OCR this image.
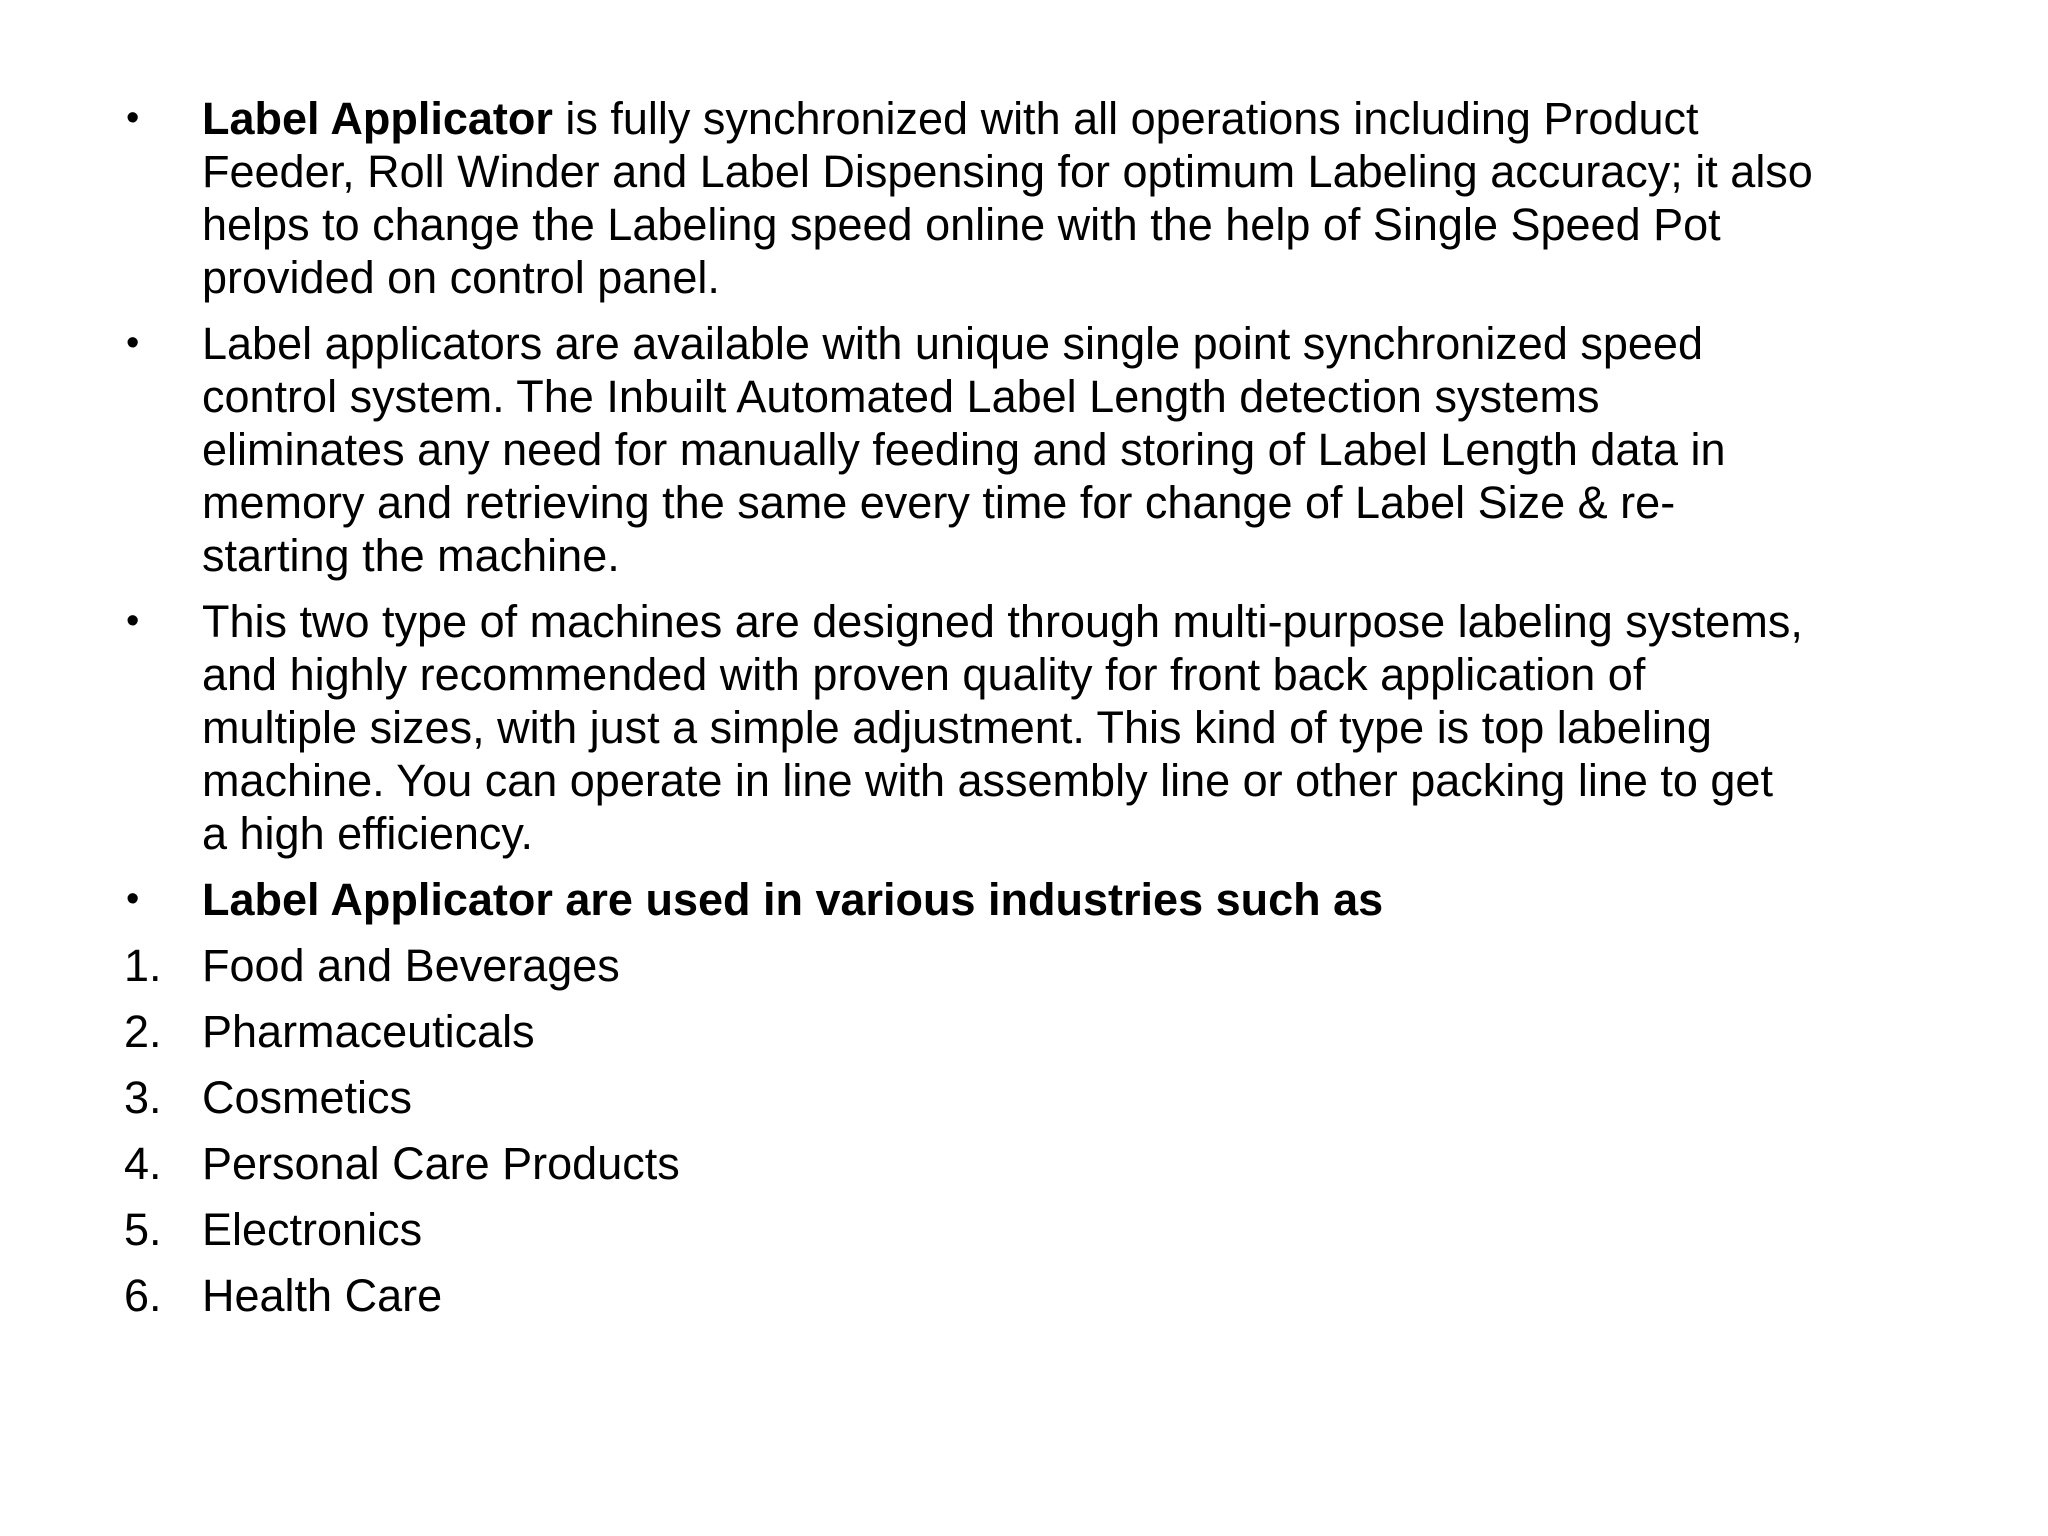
•	Label Applicator is fully synchronized with all operations including Product
Feeder, Roll Winder and Label Dispensing for optimum Labeling accuracy; it also
helps to change the Labeling speed online with the help of Single Speed Pot
provided on control panel.
•	Label applicators are available with unique single point synchronized speed
control system. The Inbuilt Automated Label Length detection systems
eliminates any need for manually feeding and storing of Label Length data in
memory and retrieving the same every time for change of Label Size & re-
starting the machine.
•	This two type of machines are designed through multi-purpose labeling systems,
and highly recommended with proven quality for front back application of
multiple sizes, with just a simple adjustment. This kind of type is top labeling
machine. You can operate in line with assembly line or other packing line to get
a high efficiency.
•	Label Applicator are used in various industries such as
1. Food and Beverages
2. Pharmaceuticals
3. Cosmetics
4. Personal Care Products
5. Electronics
6. Health Care
